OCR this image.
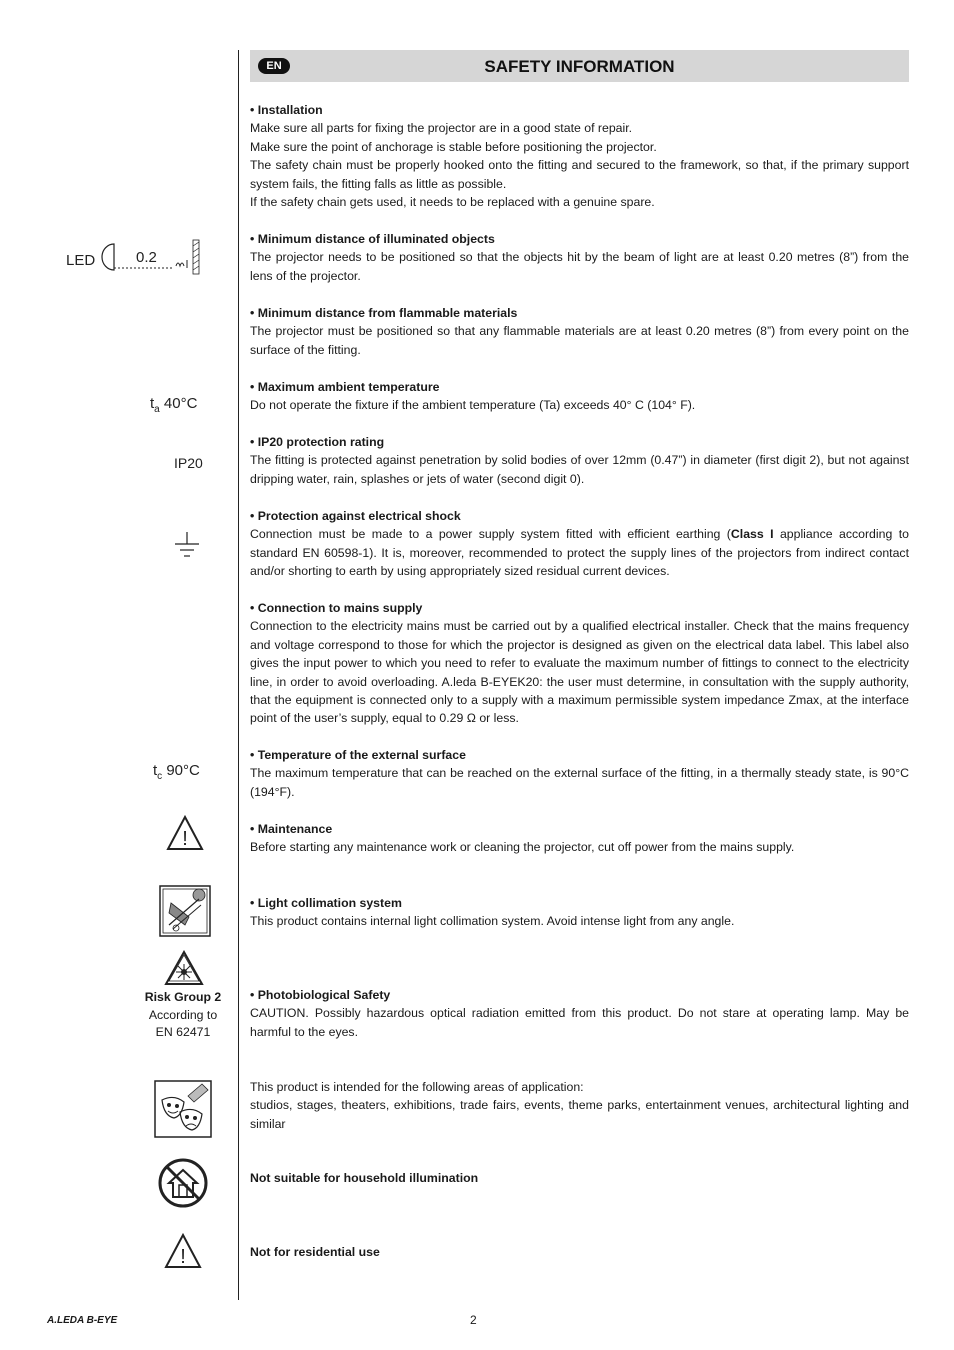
EN	SAFETY INFORMATION
LED	0.2 m
$t_a$ 40°C
IP20
$t_c$ 90°C
!
Risk Group 2
According to
EN 62471
!
• Installation
Make sure all parts for fixing the projector are in a good state of repair.
Make sure the point of anchorage is stable before positioning the projector.
The safety chain must be properly hooked onto the fitting and secured to the framework, so that, if the primary support system fails, the fitting falls as little as possible.
If the safety chain gets used, it needs to be replaced with a genuine spare.
• Minimum distance of illuminated objects
The projector needs to be positioned so that the objects hit by the beam of light are at least 0.20 metres (8”) from the lens of the projector.
• Minimum distance from flammable materials
The projector must be positioned so that any flammable materials are at least 0.20 metres (8”) from every point on the surface of the fitting.
• Maximum ambient temperature
Do not operate the fixture if the ambient temperature (Ta) exceeds 40° C (104° F).
• IP20 protection rating
The fitting is protected against penetration by solid bodies of over 12mm (0.47”) in diameter (first digit 2), but not against dripping water, rain, splashes or jets of water (second digit 0).
• Protection against electrical shock
Connection must be made to a power supply system fitted with efficient earthing (Class I appliance according to standard EN 60598-1). It is, moreover, recommended to protect the supply lines of the projectors from indirect contact and/or shorting to earth by using appropriately sized residual current devices.
• Connection to mains supply
Connection to the electricity mains must be carried out by a qualified electrical installer. Check that the mains frequency and voltage correspond to those for which the projector is designed as given on the electrical data label. This label also gives the input power to which you need to refer to evaluate the maximum number of fittings to connect to the electricity line, in order to avoid overloading. A.leda B-EYEK20: the user must determine, in consultation with the supply authority, that the equipment is connected only to a supply with a maximum permissible system impedance Zmax, at the interface point of the user’s supply, equal to 0.29 Ω or less.
• Temperature of the external surface
The maximum temperature that can be reached on the external surface of the fitting, in a thermally steady state, is 90°C (194°F).
• Maintenance
Before starting any maintenance work or cleaning the projector, cut off power from the mains supply.
• Light collimation system
This product contains internal light collimation system. Avoid intense light from any angle.
• Photobiological Safety
CAUTION. Possibly hazardous optical radiation emitted from this product. Do not stare at operating lamp. May be harmful to the eyes.
This product is intended for the following areas of application:
studios, stages, theaters, exhibitions, trade fairs, events, theme parks, entertainment venues, architectural lighting and similar
Not suitable for household illumination
Not for residential use
A.LEDA B-EYE	2
